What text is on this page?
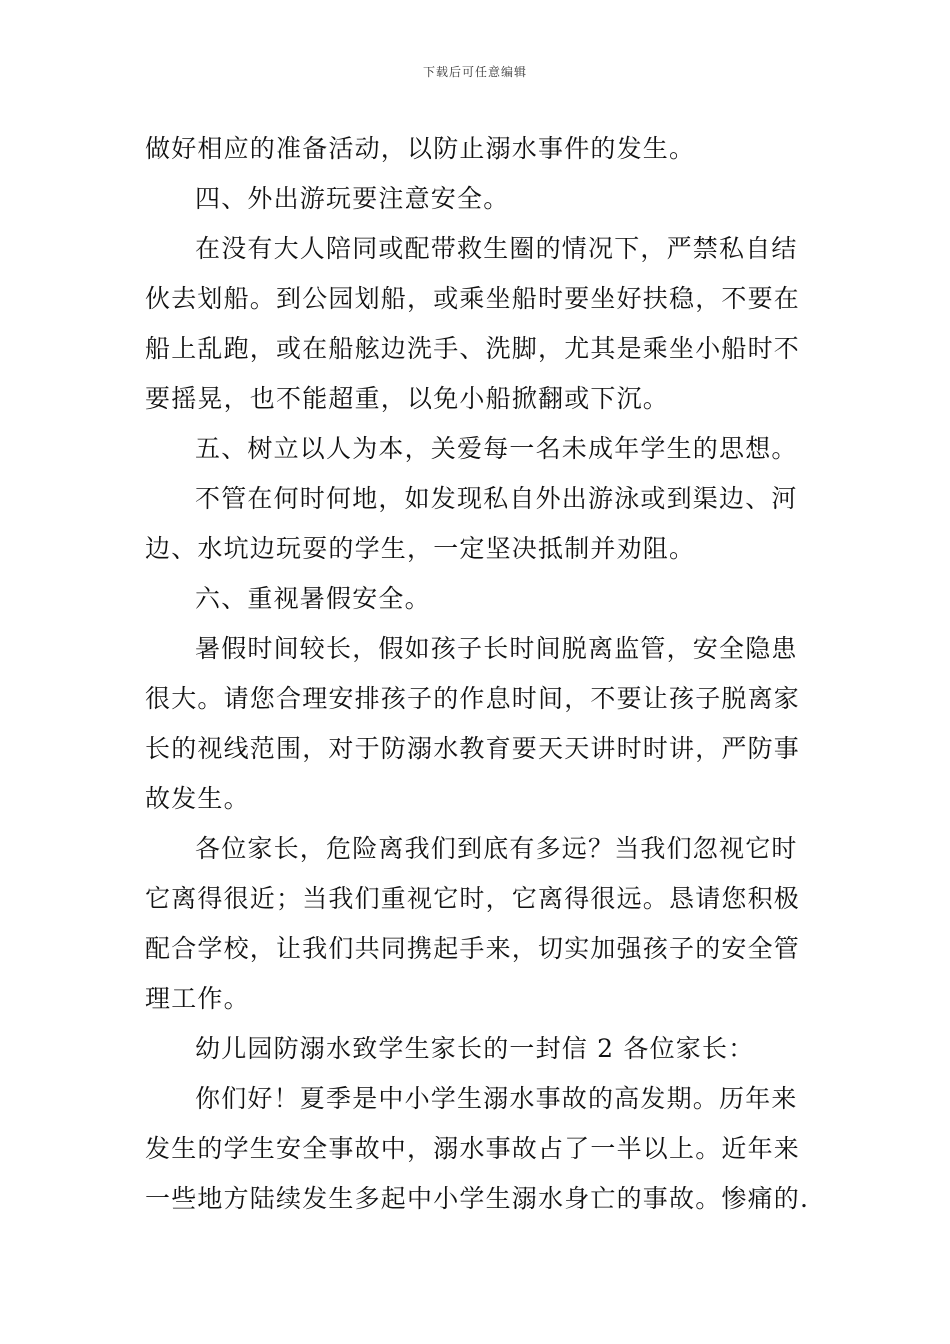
下载后可任意编辑
做好相应的准备活动，以防止溺水事件的发生。
四、外出游玩要注意安全。
在没有大人陪同或配带救生圈的情况下，严禁私自结
伙去划船。到公园划船，或乘坐船时要坐好扶稳，不要在
船上乱跑，或在船舷边洗手、洗脚，尤其是乘坐小船时不
要摇晃，也不能超重，以免小船掀翻或下沉。
五、树立以人为本，关爱每一名未成年学生的思想。
不管在何时何地，如发现私自外出游泳或到渠边、河
边、水坑边玩耍的学生，一定坚决抵制并劝阻。
六、重视暑假安全。
暑假时间较长，假如孩子长时间脱离监管，安全隐患
很大。请您合理安排孩子的作息时间，不要让孩子脱离家
长的视线范围，对于防溺水教育要天天讲时时讲，严防事
故发生。
各位家长，危险离我们到底有多远？当我们忽视它时
它离得很近；当我们重视它时，它离得很远。恳请您积极
配合学校，让我们共同携起手来，切实加强孩子的安全管
理工作。
幼儿园防溺水致学生家长的一封信 2 各位家长：
你们好！夏季是中小学生溺水事故的高发期。历年来
发生的学生安全事故中，溺水事故占了一半以上。近年来
一些地方陆续发生多起中小学生溺水身亡的事故。惨痛的.
